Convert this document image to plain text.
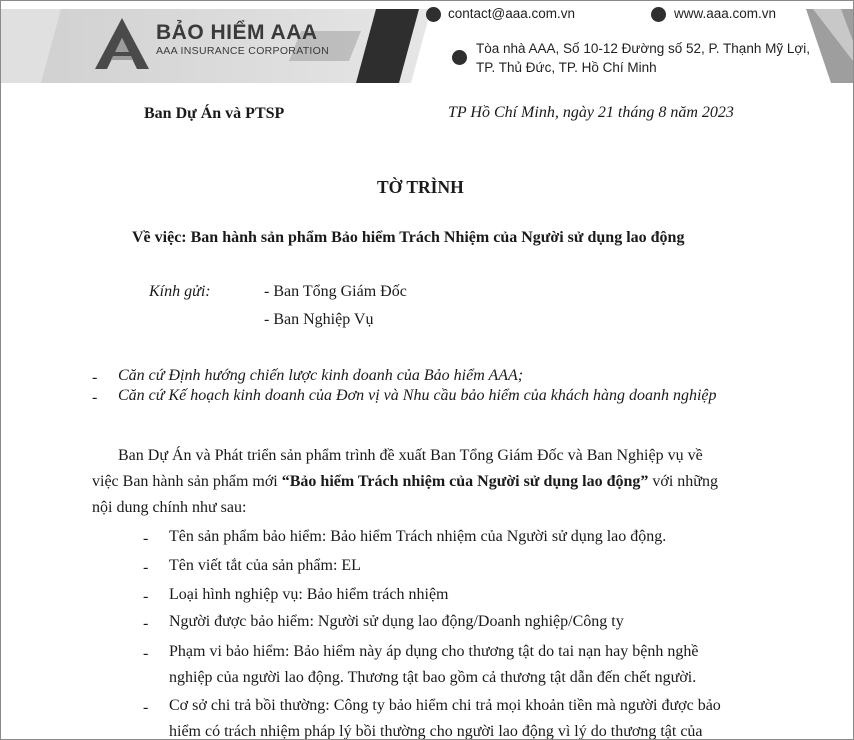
BẢO HIỂM AAA
AAA INSURANCE CORPORATION
contact@aaa.com.vn	www.aaa.com.vn
Tòa nhà AAA, Số 10-12 Đường số 52, P. Thạnh Mỹ Lợi,
TP. Thủ Đức, TP. Hồ Chí Minh
Ban Dự Án và PTSP	TP Hồ Chí Minh, ngày 21 tháng 8 năm 2023
TỜ TRÌNH
Về việc: Ban hành sản phẩm Bảo hiểm Trách Nhiệm của Người sử dụng lao động
Kính gửi:	- Ban Tổng Giám Đốc
- Ban Nghiệp Vụ
- Căn cứ Định hướng chiến lược kinh doanh của Bảo hiểm AAA;
- Căn cứ Kế hoạch kinh doanh của Đơn vị và Nhu cầu bảo hiểm của khách hàng doanh nghiệp
Ban Dự Án và Phát triển sản phẩm trình đề xuất Ban Tổng Giám Đốc và Ban Nghiệp vụ về
việc Ban hành sản phẩm mới “Bảo hiểm Trách nhiệm của Người sử dụng lao động” với những
nội dung chính như sau:
- Tên sản phẩm bảo hiểm: Bảo hiểm Trách nhiệm của Người sử dụng lao động.
- Tên viết tắt của sản phẩm: EL
- Loại hình nghiệp vụ: Bảo hiểm trách nhiệm
- Người được bảo hiểm: Người sử dụng lao động/Doanh nghiệp/Công ty
- Phạm vi bảo hiểm: Bảo hiểm này áp dụng cho thương tật do tai nạn hay bệnh nghề
nghiệp của người lao động. Thương tật bao gồm cả thương tật dẫn đến chết người.
- Cơ sở chi trả bồi thường: Công ty bảo hiểm chi trả mọi khoản tiền mà người được bảo
hiểm có trách nhiệm pháp lý bồi thường cho người lao động vì lý do thương tật của
